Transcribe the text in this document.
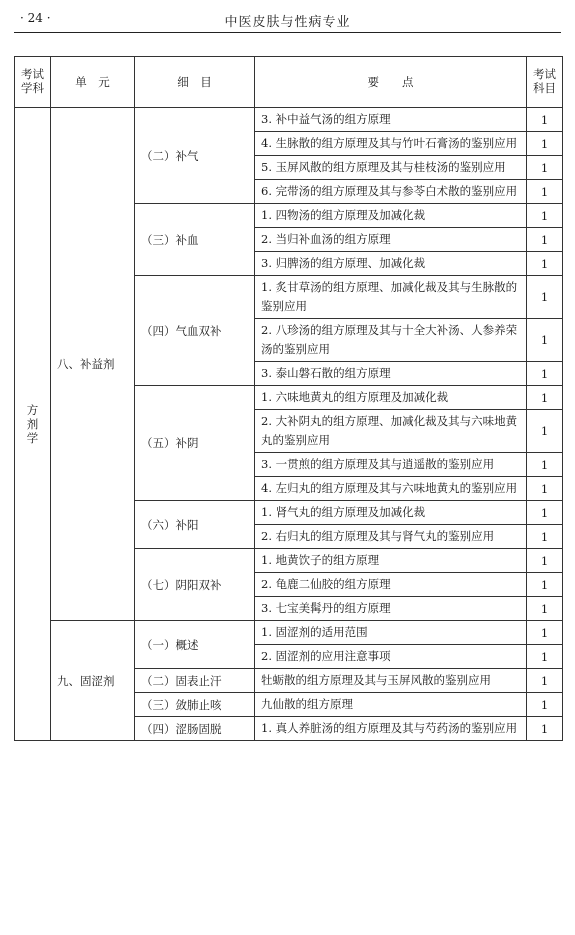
· 24 ·	中医皮肤与性病专业
考试学科	单　元	细　目	要　　点	考试科目
方剂学	八、补益剂	（二）补气	3. 补中益气汤的组方原理	1
			4. 生脉散的组方原理及其与竹叶石膏汤的鉴别应用	1
			5. 玉屏风散的组方原理及其与桂枝汤的鉴别应用	1
			6. 完带汤的组方原理及其与参苓白术散的鉴别应用	1
		（三）补血	1. 四物汤的组方原理及加减化裁	1
			2. 当归补血汤的组方原理	1
			3. 归脾汤的组方原理、加减化裁	1
		（四）气血双补	1. 炙甘草汤的组方原理、加减化裁及其与生脉散的鉴别应用	1
			2. 八珍汤的组方原理及其与十全大补汤、人参养荣汤的鉴别应用	1
			3. 泰山磐石散的组方原理	1
		（五）补阴	1. 六味地黄丸的组方原理及加减化裁	1
			2. 大补阴丸的组方原理、加减化裁及其与六味地黄丸的鉴别应用	1
			3. 一贯煎的组方原理及其与逍遥散的鉴别应用	1
			4. 左归丸的组方原理及其与六味地黄丸的鉴别应用	1
		（六）补阳	1. 肾气丸的组方原理及加减化裁	1
			2. 右归丸的组方原理及其与肾气丸的鉴别应用	1
		（七）阴阳双补	1. 地黄饮子的组方原理	1
			2. 龟鹿二仙胶的组方原理	1
			3. 七宝美髯丹的组方原理	1
	九、固涩剂	（一）概述	1. 固涩剂的适用范围	1
			2. 固涩剂的应用注意事项	1
		（二）固表止汗	牡蛎散的组方原理及其与玉屏风散的鉴别应用	1
		（三）敛肺止咳	九仙散的组方原理	1
		（四）涩肠固脱	1. 真人养脏汤的组方原理及其与芍药汤的鉴别应用	1
